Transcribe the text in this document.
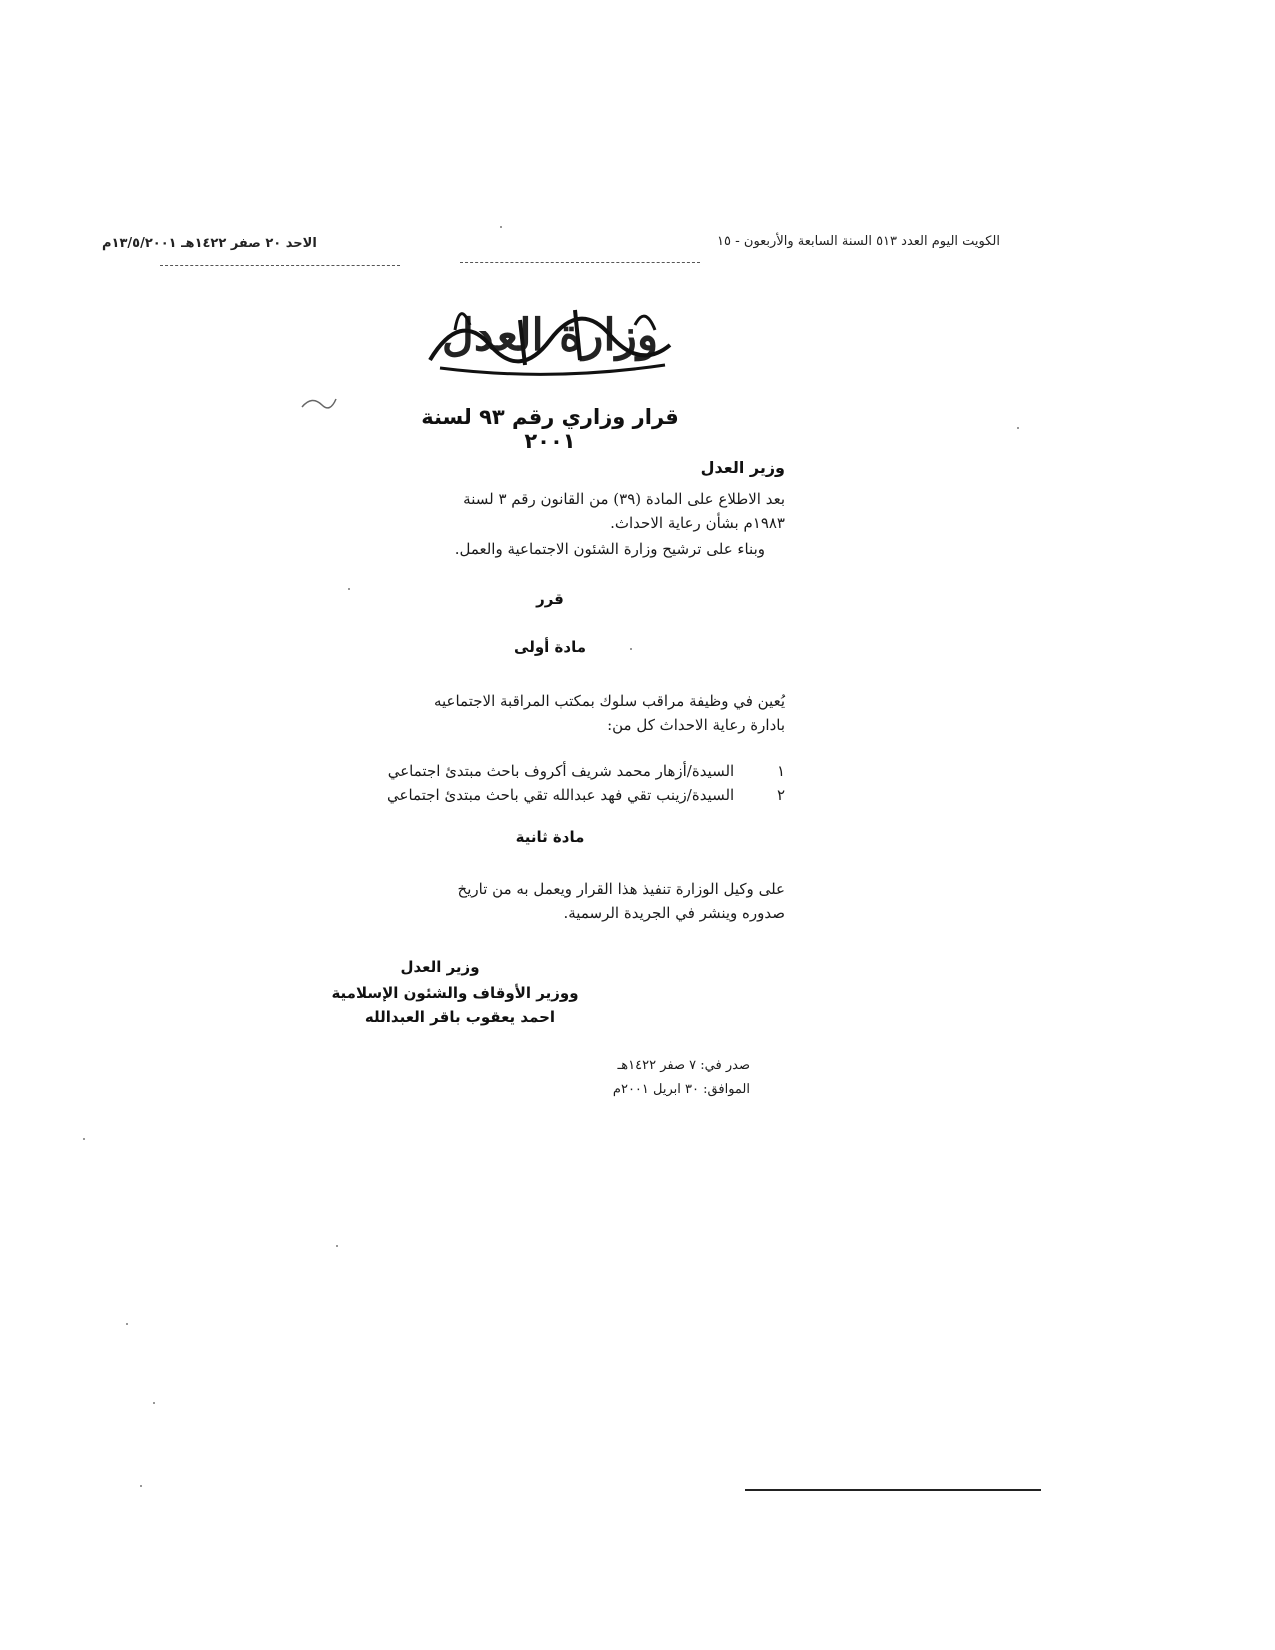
الكويت اليوم العدد ٥١٣ السنة السابعة والأربعون - ١٥
الاحد ٢٠ صفر ١٤٢٢هـ ١٣/٥/٢٠٠١م
وزارة العدل
قرار وزاري رقم ٩٣ لسنة ٢٠٠١
وزير العدل
بعد الاطلاع على المادة (٣٩) من القانون رقم ٣ لسنة
١٩٨٣م بشأن رعاية الاحداث.
وبناء على ترشيح وزارة الشئون الاجتماعية والعمل.
قرر
مادة أولى
يُعين في وظيفة مراقب سلوك بمكتب المراقبة الاجتماعيه
بادارة رعاية الاحداث كل من:
١ السيدة/أزهار محمد شريف أكروف باحث مبتدئ اجتماعي
٢ السيدة/زينب تقي فهد عبدالله تقي باحث مبتدئ اجتماعي
مادة ثانية
على وكيل الوزارة تنفيذ هذا القرار ويعمل به من تاريخ
صدوره وينشر في الجريدة الرسمية.
وزير العدل
ووزير الأوقاف والشئون الإسلامية
احمد يعقوب باقر العبدالله
صدر في: ٧ صفر ١٤٢٢هـ
الموافق: ٣٠ ابريل ٢٠٠١م
